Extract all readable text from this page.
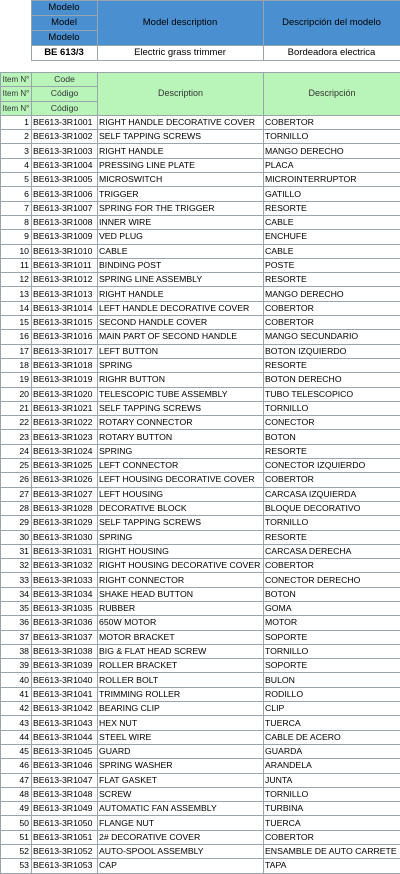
	Modelo	Model description	Descripción del modelo
	Model		
	Modelo		
	BE 613/3	Electric grass trimmer	Bordeadora electrica
Item N°	Code	Description	Descripción
Item N°	Código		
Item N°	Código		
1	BE613-3R1001	RIGHT HANDLE DECORATIVE COVER	COBERTOR
2	BE613-3R1002	SELF TAPPING SCREWS	TORNILLO
3	BE613-3R1003	RIGHT HANDLE	MANGO DERECHO
4	BE613-3R1004	PRESSING LINE PLATE	PLACA
5	BE613-3R1005	MICROSWITCH	MICROINTERRUPTOR
6	BE613-3R1006	TRIGGER	GATILLO
7	BE613-3R1007	SPRING FOR THE TRIGGER	RESORTE
8	BE613-3R1008	INNER WIRE	CABLE
9	BE613-3R1009	VED PLUG	ENCHUFE
10	BE613-3R1010	CABLE	CABLE
11	BE613-3R1011	BINDING POST	POSTE
12	BE613-3R1012	SPRING LINE ASSEMBLY	RESORTE
13	BE613-3R1013	RIGHT HANDLE	MANGO DERECHO
14	BE613-3R1014	LEFT HANDLE DECORATIVE COVER	COBERTOR
15	BE613-3R1015	SECOND HANDLE COVER	COBERTOR
16	BE613-3R1016	MAIN PART OF SECOND HANDLE	MANGO SECUNDARIO
17	BE613-3R1017	LEFT BUTTON	BOTON IZQUIERDO
18	BE613-3R1018	SPRING	RESORTE
19	BE613-3R1019	RIGHR BUTTON	BOTON DERECHO
20	BE613-3R1020	TELESCOPIC TUBE ASSEMBLY	TUBO TELESCOPICO
21	BE613-3R1021	SELF TAPPING SCREWS	TORNILLO
22	BE613-3R1022	ROTARY CONNECTOR	CONECTOR
23	BE613-3R1023	ROTARY BUTTON	BOTON
24	BE613-3R1024	SPRING	RESORTE
25	BE613-3R1025	LEFT CONNECTOR	CONECTOR IZQUIERDO
26	BE613-3R1026	LEFT HOUSING DECORATIVE COVER	COBERTOR
27	BE613-3R1027	LEFT HOUSING	CARCASA IZQUIERDA
28	BE613-3R1028	DECORATIVE BLOCK	BLOQUE DECORATIVO
29	BE613-3R1029	SELF TAPPING SCREWS	TORNILLO
30	BE613-3R1030	SPRING	RESORTE
31	BE613-3R1031	RIGHT HOUSING	CARCASA DERECHA
32	BE613-3R1032	RIGHT HOUSING DECORATIVE COVER	COBERTOR
33	BE613-3R1033	RIGHT CONNECTOR	CONECTOR DERECHO
34	BE613-3R1034	SHAKE HEAD BUTTON	BOTON
35	BE613-3R1035	RUBBER	GOMA
36	BE613-3R1036	650W MOTOR	MOTOR
37	BE613-3R1037	MOTOR BRACKET	SOPORTE
38	BE613-3R1038	BIG & FLAT HEAD SCREW	TORNILLO
39	BE613-3R1039	ROLLER BRACKET	SOPORTE
40	BE613-3R1040	ROLLER BOLT	BULON
41	BE613-3R1041	TRIMMING ROLLER	RODILLO
42	BE613-3R1042	BEARING CLIP	CLIP
43	BE613-3R1043	HEX NUT	TUERCA
44	BE613-3R1044	STEEL WIRE	CABLE DE ACERO
45	BE613-3R1045	GUARD	GUARDA
46	BE613-3R1046	SPRING WASHER	ARANDELA
47	BE613-3R1047	FLAT GASKET	JUNTA
48	BE613-3R1048	SCREW	TORNILLO
49	BE613-3R1049	AUTOMATIC FAN ASSEMBLY	TURBINA
50	BE613-3R1050	FLANGE NUT	TUERCA
51	BE613-3R1051	2# DECORATIVE COVER	COBERTOR
52	BE613-3R1052	AUTO-SPOOL ASSEMBLY	ENSAMBLE DE AUTO CARRETE
53	BE613-3R1053	CAP	TAPA
